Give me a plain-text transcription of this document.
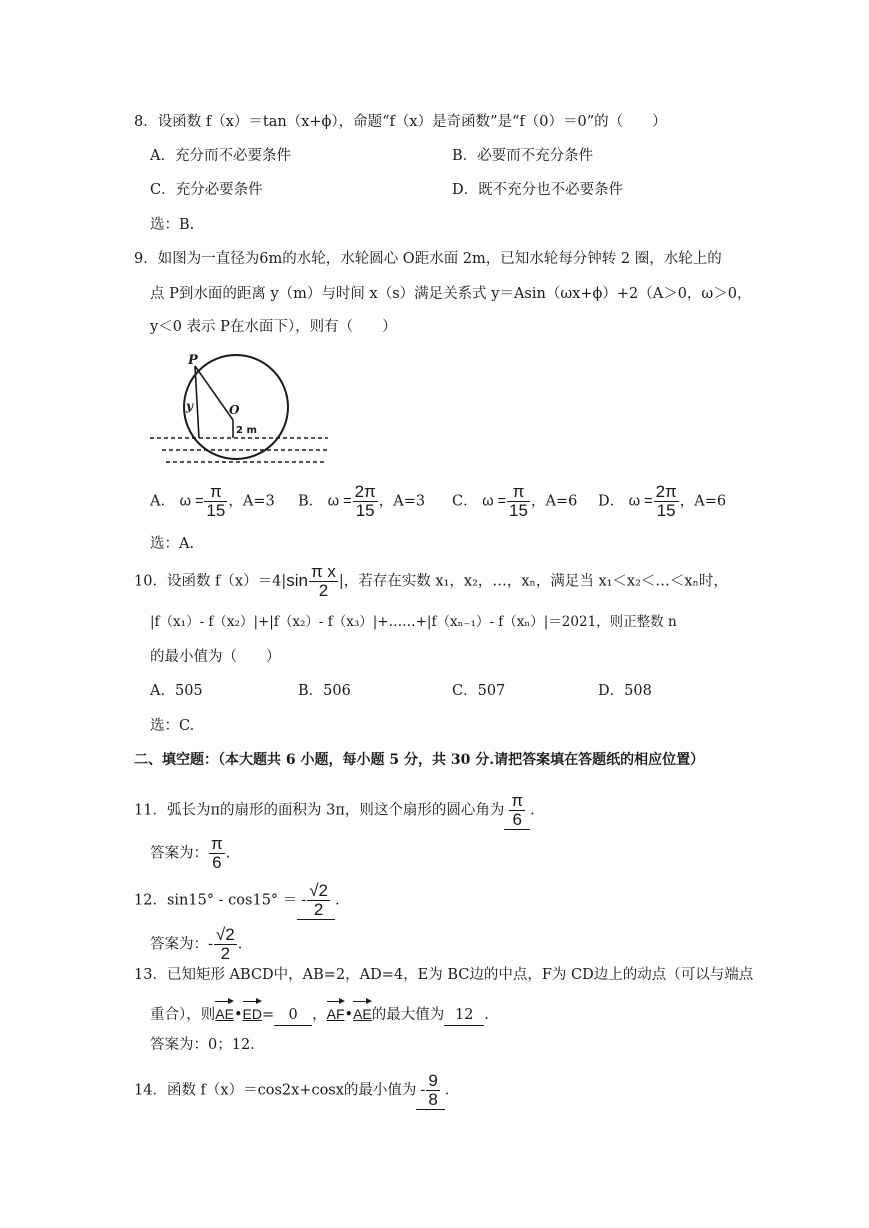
8．设函数 f（x）＝tan（x+ϕ），命题“f（x）是奇函数”是“f（0）＝0”的（　　）
A．充分而不必要条件	B．必要而不充分条件
C．充分必要条件	D．既不充分也不必要条件
选：B.
9．如图为一直径为6m的水轮，水轮圆心 O距水面 2m，已知水轮每分钟转 2 圈，水轮上的
点 P到水面的距离 y（m）与时间 x（s）满足关系式 y＝Asin（ωx+ϕ）+2（A＞0，ω＞0，
y＜0 表示 P在水面下），则有（　　）
P
O
y
2 m
A． $\omega = \frac{\pi}{15}$ ，A=3 B． $\omega = \frac{2\pi}{15}$ ，A=3 C． $\omega = \frac{\pi}{15}$ ，A=6 D． $\omega = \frac{2\pi}{15}$ ，A=6
选：A.
10．设函数 $f(x)=4|\sin \frac{\text{π x}}{2}$ |，若存在实数 x₁，x₂，…，xₙ，满足当 x₁＜x₂＜…＜xₙ时，
|f（x₁）- f（x₂）|+|f（x₂）- f（x₃）|+……+|f（xₙ₋₁）- f（xₙ）|＝2021，则正整数 n
的最小值为（　　）
A．505	B．506	C．507	D．508
选：C.
二、填空题：（本大题共 6 小题，每小题 5 分，共 30 分.请把答案填在答题纸的相应位置）
11．弧长为π的扇形的面积为 3π，则这个扇形的圆心角为 $\frac{\pi}{6}$ .
答案为： $\frac{\pi}{6}$ .
12．sin15° - cos15° ＝ - $\frac{√2}{2}$ .
答案为：- $\frac{√2}{2}$ .
13．已知矩形 ABCD中，AB=2，AD=4，E为 BC边的中点，F为 CD边上的动点（可以与端点
重合），则AE•ED= 0 ，AF•AE的最大值为 12 .
答案为：0；12.
14．函数 f（x）＝cos2x+cosx的最小值为 - $\frac{9}{8}$ .
